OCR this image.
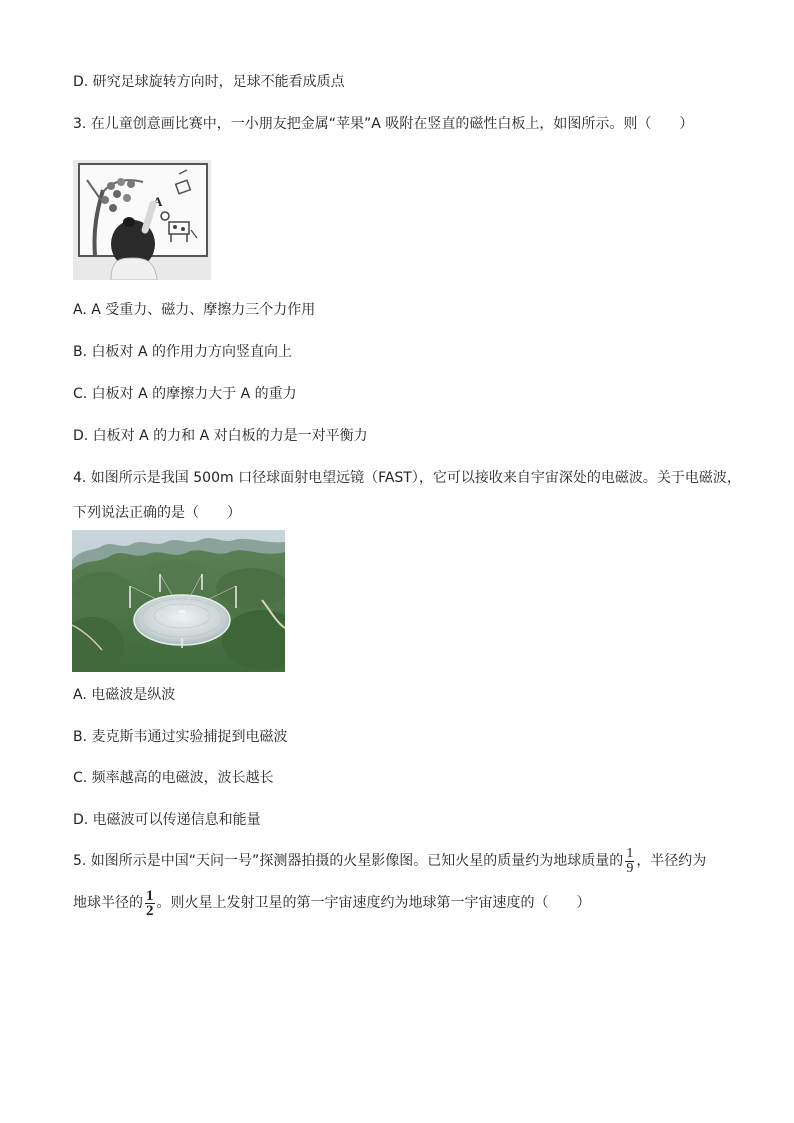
D. 研究足球旋转方向时，足球不能看成质点
3. 在儿童创意画比赛中，一小朋友把金属“苹果”A 吸附在竖直的磁性白板上，如图所示。则（　　）
A
A. A 受重力、磁力、摩擦力三个力作用
B. 白板对 A 的作用力方向竖直向上
C. 白板对 A 的摩擦力大于 A 的重力
D. 白板对 A 的力和 A 对白板的力是一对平衡力
4. 如图所示是我国 500m 口径球面射电望远镜（FAST），它可以接收来自宇宙深处的电磁波。关于电磁波，
下列说法正确的是（　　）
A. 电磁波是纵波
B. 麦克斯韦通过实验捕捉到电磁波
C. 频率越高的电磁波，波长越长
D. 电磁波可以传递信息和能量
5. 如图所示是中国“天问一号”探测器拍摄的火星影像图。已知火星的质量约为地球质量的 $\frac{1}{9}$ ，半径约为
地球半径的 $\frac{1}{2}$ 。则火星上发射卫星的第一宇宙速度约为地球第一宇宙速度的（　　）
